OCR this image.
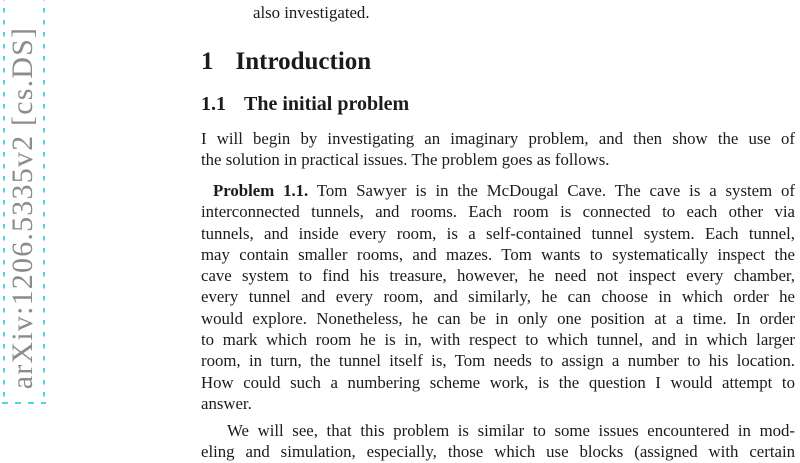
arXiv:1206.5335v2 [cs.DS]
also investigated.
1 Introduction
1.1 The initial problem
I will begin by investigating an imaginary problem, and then show the use of
the solution in practical issues. The problem goes as follows.
Problem 1.1. Tom Sawyer is in the McDougal Cave. The cave is a system of
interconnected tunnels, and rooms. Each room is connected to each other via
tunnels, and inside every room, is a self-contained tunnel system. Each tunnel,
may contain smaller rooms, and mazes. Tom wants to systematically inspect the
cave system to find his treasure, however, he need not inspect every chamber,
every tunnel and every room, and similarly, he can choose in which order he
would explore. Nonetheless, he can be in only one position at a time. In order
to mark which room he is in, with respect to which tunnel, and in which larger
room, in turn, the tunnel itself is, Tom needs to assign a number to his location.
How could such a numbering scheme work, is the question I would attempt to
answer.
We will see, that this problem is similar to some issues encountered in mod-
eling and simulation, especially, those which use blocks (assigned with certain
